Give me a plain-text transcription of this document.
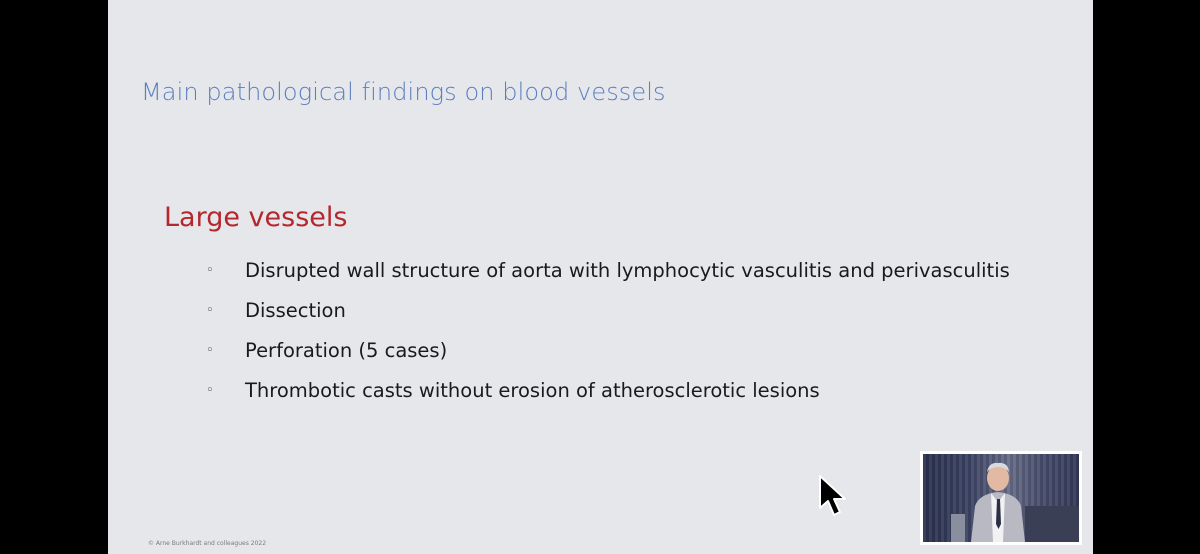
Main pathological findings on blood vessels
Large vessels
◦	Disrupted wall structure of aorta with lymphocytic vasculitis and perivasculitis
◦	Dissection
◦	Perforation (5 cases)
◦	Thrombotic casts without erosion of atherosclerotic lesions
© Arne Burkhardt and colleagues 2022
